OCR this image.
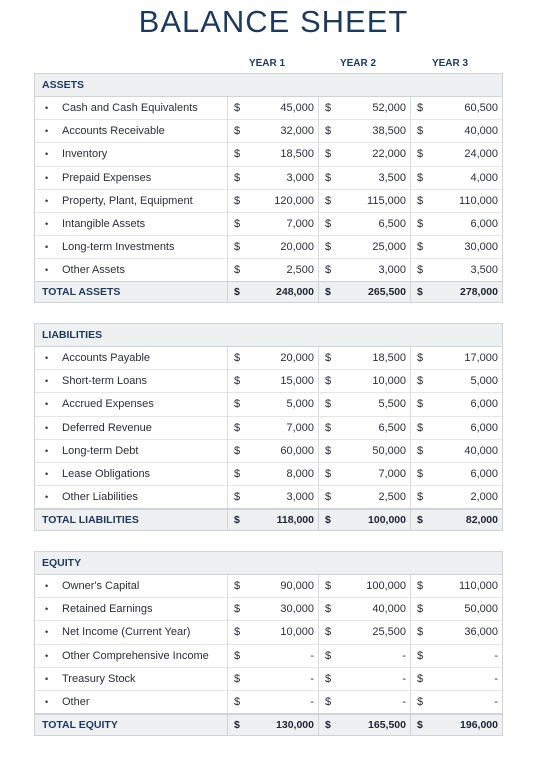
BALANCE SHEET
YEAR 1	YEAR 2	YEAR 3
ASSETS
• Cash and Cash Equivalents	$	45,000 $	52,000 $	60,500
• Accounts Receivable	$	32,000 $	38,500 $	40,000
• Inventory	$	18,500 $	22,000 $	24,000
• Prepaid Expenses	$	3,000 $	3,500 $	4,000
• Property, Plant, Equipment	$	120,000 $	115,000 $	110,000
• Intangible Assets	$	7,000 $	6,500 $	6,000
• Long-term Investments	$	20,000 $	25,000 $	30,000
• Other Assets	$	2,500 $	3,000 $	3,500
TOTAL ASSETS	$	248,000 $	265,500 $	278,000
LIABILITIES
• Accounts Payable	$	20,000 $	18,500 $	17,000
• Short-term Loans	$	15,000 $	10,000 $	5,000
• Accrued Expenses	$	5,000 $	5,500 $	6,000
• Deferred Revenue	$	7,000 $	6,500 $	6,000
• Long-term Debt	$	60,000 $	50,000 $	40,000
• Lease Obligations	$	8,000 $	7,000 $	6,000
• Other Liabilities	$	3,000 $	2,500 $	2,000
TOTAL LIABILITIES	$	118,000 $	100,000 $	82,000
EQUITY
• Owner's Capital	$	90,000 $	100,000 $	110,000
• Retained Earnings	$	30,000 $	40,000 $	50,000
• Net Income (Current Year)	$	10,000 $	25,500 $	36,000
• Other Comprehensive Income	$	- $	- $	-
• Treasury Stock	$	- $	- $	-
• Other	$	- $	- $	-
TOTAL EQUITY	$	130,000 $	165,500 $	196,000
